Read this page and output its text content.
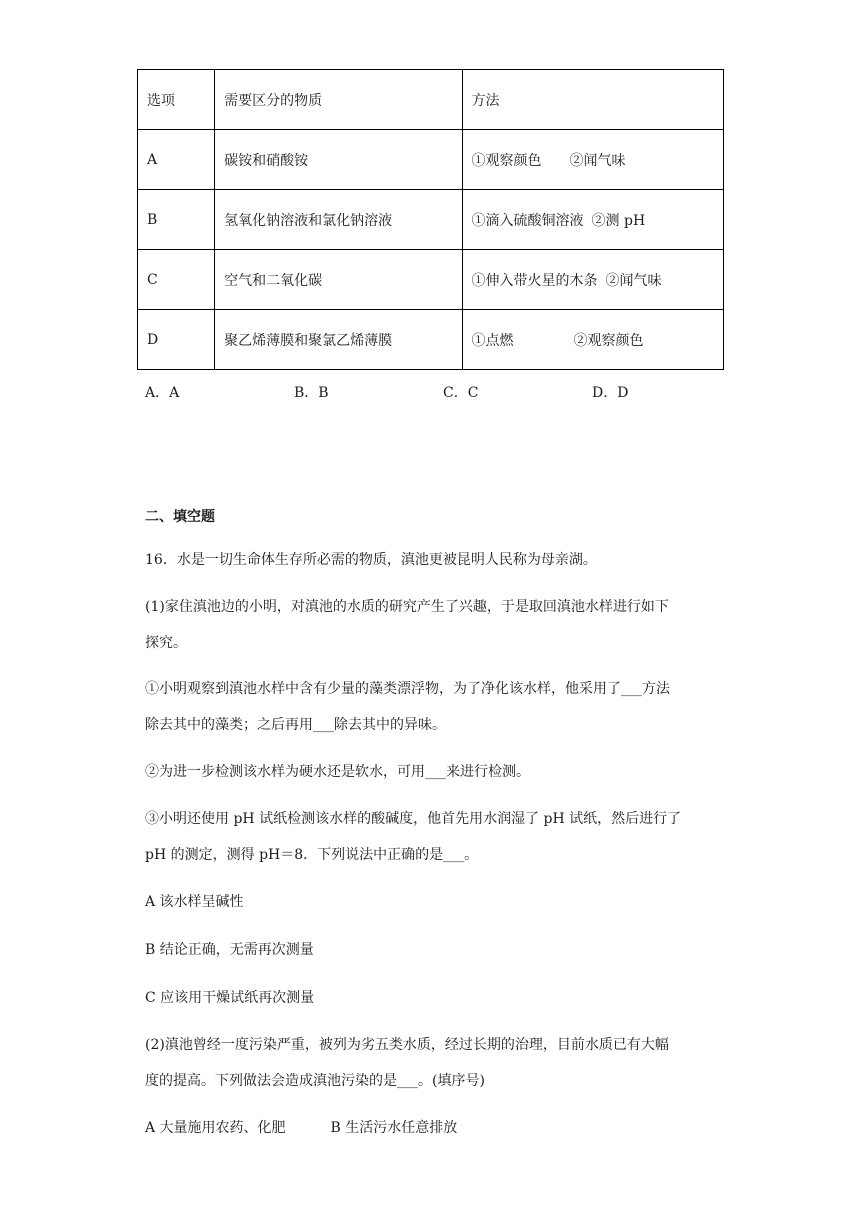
选项	需要区分的物质	方法
A	碳铵和硝酸铵	①观察颜色 ②闻气味
B	氢氧化钠溶液和氯化钠溶液	①滴入硫酸铜溶液 ②测 pH
C	空气和二氧化碳	①伸入带火星的木条 ②闻气味
D	聚乙烯薄膜和聚氯乙烯薄膜	①点燃 ②观察颜色
A．A	B．B	C．C	D．D
二、填空题
16．水是一切生命体生存所必需的物质，滇池更被昆明人民称为母亲湖。
(1)家住滇池边的小明，对滇池的水质的研究产生了兴趣，于是取回滇池水样进行如下
探究。
①小明观察到滇池水样中含有少量的藻类漂浮物，为了净化该水样，他采用了___方法
除去其中的藻类；之后再用___除去其中的异味。
②为进一步检测该水样为硬水还是软水，可用___来进行检测。
③小明还使用 pH 试纸检测该水样的酸碱度，他首先用水润湿了 pH 试纸，然后进行了
pH 的测定，测得 pH＝8．下列说法中正确的是___。
A 该水样呈碱性
B 结论正确，无需再次测量
C 应该用干燥试纸再次测量
(2)滇池曾经一度污染严重，被列为劣五类水质，经过长期的治理，目前水质已有大幅
度的提高。下列做法会造成滇池污染的是___。(填序号)
A 大量施用农药、化肥	B 生活污水任意排放
